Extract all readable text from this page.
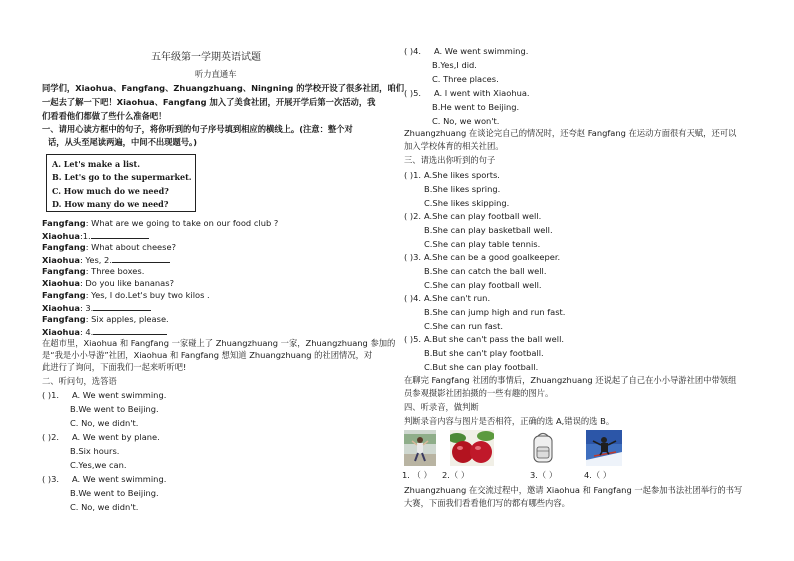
五年级第一学期英语试题
听力直通车
同学们，Xiaohua、Fangfang、Zhuangzhuang、Ningning 的学校开设了很多社团，咱们
一起去了解一下吧！Xiaohua、Fangfang 加入了美食社团，开展开学后第一次活动，我
们看看他们都做了些什么准备吧！
一、请用心读方框中的句子，将你听到的句子序号填到相应的横线上。(注意：整个对
话，从头至尾读两遍，中间不出现题号。)
A. Let's make a list.
B. Let's go to the supermarket.
C. How much do we need?
D. How many do we need?
Fangfang: What are we going to take on our food club ?
Xiaohua:1.
Fangfang: What about cheese?
Xiaohua: Yes, 2.
Fangfang: Three boxes.
Xiaohua: Do you like bananas?
Fangfang: Yes, I do.Let's buy two kilos .
Xiaohua: 3.
Fangfang: Six apples, please.
Xiaohua: 4.
在超市里，Xiaohua 和 Fangfang 一家碰上了 Zhuangzhuang 一家，Zhuangzhuang 参加的
是“我是小小导游”社团，Xiaohua 和 Fangfang 想知道 Zhuangzhuang 的社团情况，对
此进行了询问，下面我们一起来听听吧!
二、听问句，选答语
( )1. A. We went swimming.
B.We went to Beijing.
C. No, we didn't.
( )2. A. We went by plane.
B.Six hours.
C.Yes,we can.
( )3. A. We went swimming.
B.We went to Beijing.
C. No, we didn't.
( )4. A. We went swimming.
B.Yes,I did.
C. Three places.
( )5. A. I went with Xiaohua.
B.He went to Beijing.
C. No, we won't.
Zhuangzhuang 在谈论完自己的情况时，还夸赵 Fangfang 在运动方面很有天赋，还可以
加入学校体育的相关社团。
三、请选出你听到的句子
( )1. A.She likes sports.
B.She likes spring.
C.She likes skipping.
( )2. A.She can play football well.
B.She can play basketball well.
C.She can play table tennis.
( )3. A.She can be a good goalkeeper.
B.She can catch the ball well.
C.She can play football well.
( )4. A.She can't run.
B.She can jump high and run fast.
C.She can run fast.
( )5. A.But she can't pass the ball well.
B.But she can't play football.
C.But she can play football.
在聊完 Fangfang 社团的事情后，Zhuangzhuang 还说起了自己在小小导游社团中带领组
员参观摄影社团拍摄的一些有趣的图片。
四、听录音，做判断
判断录音内容与图片是否相符，正确的选 A,错误的选 B。
1. （ ） 2.（ ）	3.（ ）	4.（ ）
Zhuangzhuang 在交流过程中，邀请 Xiaohua 和 Fangfang 一起参加书法社团举行的书写
大赛，下面我们看看他们写的都有哪些内容。
